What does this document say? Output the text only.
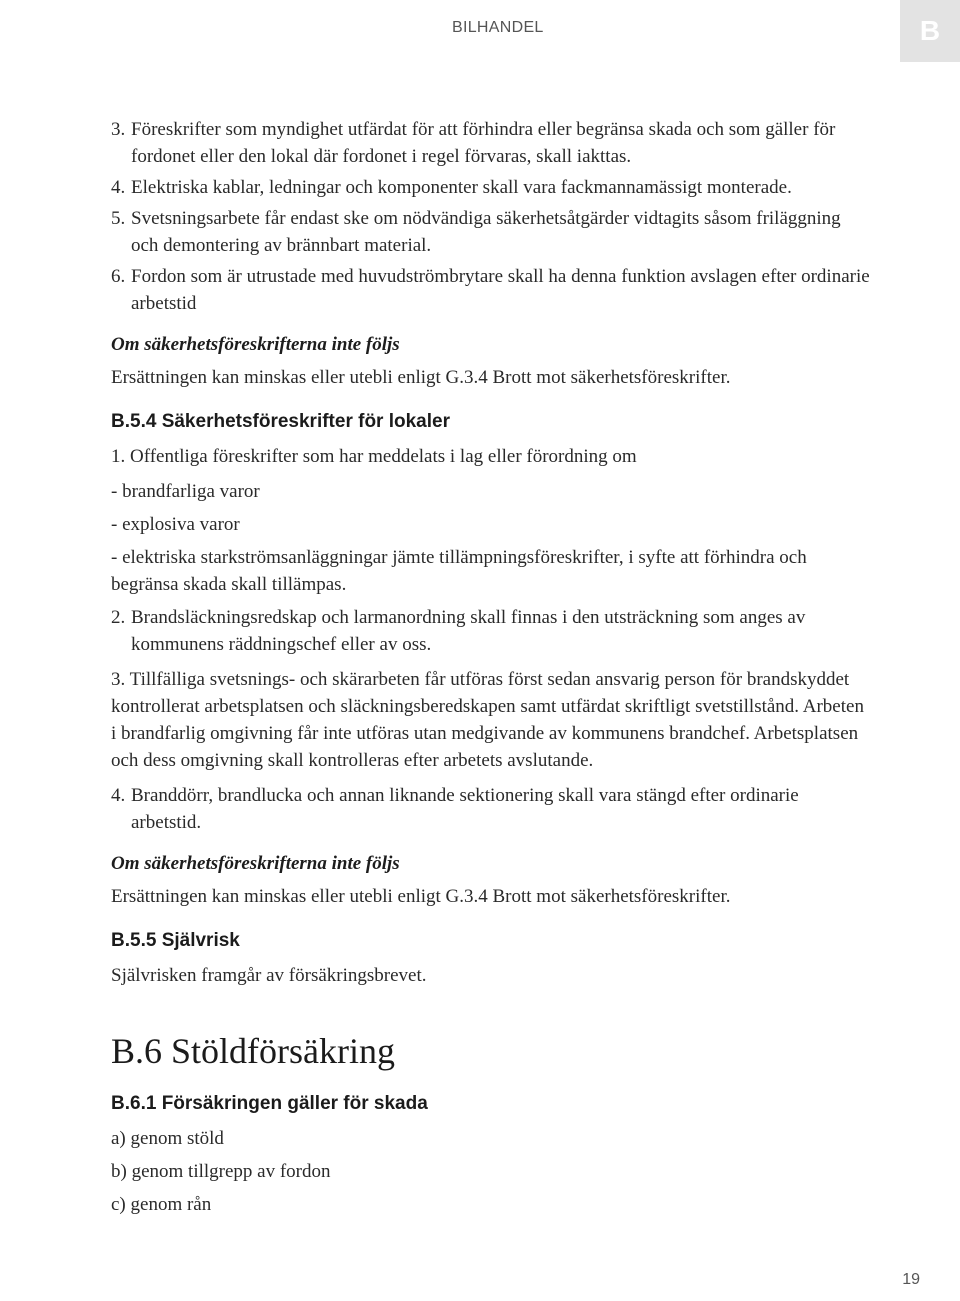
BILHANDEL	B
3. Föreskrifter som myndighet utfärdat för att förhindra eller begränsa skada och som gäller för fordonet eller den lokal där fordonet i regel förvaras, skall iakttas.
4. Elektriska kablar, ledningar och komponenter skall vara fackmannamässigt monterade.
5. Svetsningsarbete får endast ske om nödvändiga säkerhetsåtgärder vidtagits såsom friläggning och demontering av brännbart material.
6. Fordon som är utrustade med huvudströmbrytare skall ha denna funktion avslagen efter ordinarie arbetstid
Om säkerhetsföreskrifterna inte följs

Ersättningen kan minskas eller utebli enligt G.3.4 Brott mot säkerhetsföreskrifter.

B.5.4 Säkerhetsföreskrifter för lokaler

1. Offentliga föreskrifter som har meddelats i lag eller förordning om

- brandfarliga varor

- explosiva varor

- elektriska starkströmsanläggningar jämte tillämpningsföreskrifter, i syfte att förhindra och begränsa skada skall tillämpas.

2. Brandsläckningsredskap och larmanordning skall finnas i den utsträckning som anges av kommunens räddningschef eller av oss.

3. Tillfälliga svetsnings- och skärarbeten får utföras först sedan ansvarig person för brandskyddet kontrollerat arbetsplatsen och släckningsberedskapen samt utfärdat skriftligt svetstillstånd. Arbeten i brandfarlig omgivning får inte utföras utan medgivande av kommunens brandchef. Arbetsplatsen och dess omgivning skall kontrolleras efter arbetets avslutande.

4. Branddörr, brandlucka och annan liknande sektionering skall vara stängd efter ordinarie arbetstid.
Om säkerhetsföreskrifterna inte följs

Ersättningen kan minskas eller utebli enligt G.3.4 Brott mot säkerhetsföreskrifter.

B.5.5 Självrisk

Självrisken framgår av försäkringsbrevet.

B.6 Stöldförsäkring
B.6.1 Försäkringen gäller för skada

a) genom stöld

b) genom tillgrepp av fordon

c) genom rån

19
